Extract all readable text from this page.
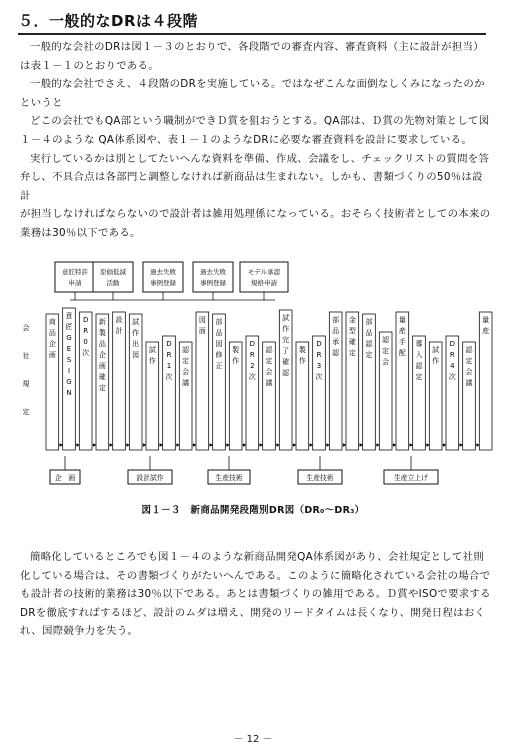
５．一般的なDRは４段階

一般的な会社のDRは図１－３のとおりで、各段階での審査内容、審査資料（主に設計が担当）

は表１－１のとおりである。

一般的な会社でさえ、４段階のDRを実施している。ではなぜこんな面倒なしくみになったのか

というと

どこの会社でもQA部という職制ができＤ賞を狙おうとする。QA部は、Ｄ賞の先物対策として図

１－４のような QA体系図や、表１－１のようなDRに必要な審査資料を設計に要求している。

実行しているかは別としてたいへんな資料を準備、作成、会議をし、チェックリストの質問を答

弁し、不具合点は各部門と調整しなければ新商品は生まれない。しかも、書類づくりの50％は設計

が担当しなければならないので設計者は雑用処理係になっている。おそらく技術者としての本来の

業務は30％以下である。

意匠特許
申請
原価低減
活動
過去失敗
事例登録
過去失敗
事例登録
モデル承認
規格申請
会
社
規
定
商品企画
意匠 G E S I G N
D R 0 次
新製品企画確定
設計
試作出図
試作
D R 1 次
認定会議
図面
部品図修正
製作
D R 2 次
認定会議
試作完了確認
製作
D R 3 次
部品承認
金型確定
部品認定
認定会
量産手配
導入認定
試作
D R 4 次
認定会議
量産
企　画	設計試作	生産技術	生産技術	生産立上げ
図１－３　新商品開発段階別DR図（DR₀～DR₃）

簡略化しているところでも図１－４のような新商品開発QA体系図があり、会社規定として社則

化している場合は、その書類づくりがたいへんである。このように簡略化されている会社の場合で

も設計者の技術的業務は30％以下である。あとは書類づくりの雑用である。Ｄ賞やISOで要求する

DRを徹底すればするほど、設計のムダは増え、開発のリードタイムは長くなり、開発日程はおく

れ、国際競争力を失う。

－ 12 －
